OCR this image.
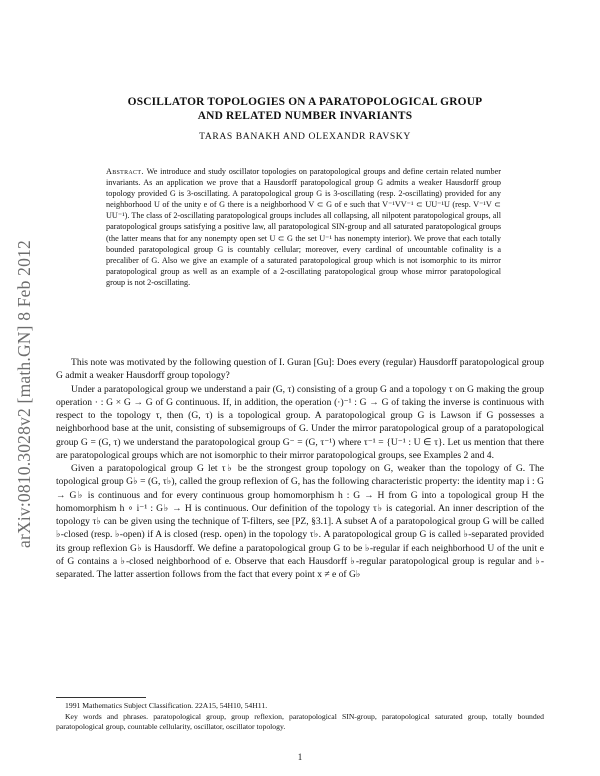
arXiv:0810.3028v2 [math.GN] 8 Feb 2012
OSCILLATOR TOPOLOGIES ON A PARATOPOLOGICAL GROUP
AND RELATED NUMBER INVARIANTS
TARAS BANAKH AND OLEXANDR RAVSKY
Abstract. We introduce and study oscillator topologies on paratopological groups and define certain related number invariants. As an application we prove that a Hausdorff paratopological group G admits a weaker Hausdorff group topology provided G is 3-oscillating. A paratopological group G is 3-oscillating (resp. 2-oscillating) provided for any neighborhood U of the unity e of G there is a neighborhood V ⊂ G of e such that V⁻¹VV⁻¹ ⊂ UU⁻¹U (resp. V⁻¹V ⊂ UU⁻¹). The class of 2-oscillating paratopological groups includes all collapsing, all nilpotent paratopological groups, all paratopological groups satisfying a positive law, all paratopological SIN-group and all saturated paratopological groups (the latter means that for any nonempty open set U ⊂ G the set U⁻¹ has nonempty interior). We prove that each totally bounded paratopological group G is countably cellular; moreover, every cardinal of uncountable cofinality is a precaliber of G. Also we give an example of a saturated paratopological group which is not isomorphic to its mirror paratopological group as well as an example of a 2-oscillating paratopological group whose mirror paratopological group is not 2-oscillating.

This note was motivated by the following question of I. Guran [Gu]: Does every (regular) Hausdorff paratopological group G admit a weaker Hausdorff group topology?

Under a paratopological group we understand a pair (G, τ) consisting of a group G and a topology τ on G making the group operation · : G × G → G of G continuous. If, in addition, the operation (·)⁻¹ : G → G of taking the inverse is continuous with respect to the topology τ, then (G, τ) is a topological group. A paratopological group G is Lawson if G possesses a neighborhood base at the unit, consisting of subsemigroups of G. Under the mirror paratopological group of a paratopological group G = (G, τ) we understand the paratopological group G⁻ = (G, τ⁻¹) where τ⁻¹ = {U⁻¹ : U ∈ τ}. Let us mention that there are paratopological groups which are not isomorphic to their mirror paratopological groups, see Examples 2 and 4.

Given a paratopological group G let τ♭ be the strongest group topology on G, weaker than the topology of G. The topological group G♭ = (G, τ♭), called the group reflexion of G, has the following characteristic property: the identity map i : G → G♭ is continuous and for every continuous group homomorphism h : G → H from G into a topological group H the homomorphism h ∘ i⁻¹ : G♭ → H is continuous. Our definition of the topology τ♭ is categorial. An inner description of the topology τ♭ can be given using the technique of T-filters, see [PZ, §3.1]. A subset A of a paratopological group G will be called ♭-closed (resp. ♭-open) if A is closed (resp. open) in the topology τ♭. A paratopological group G is called ♭-separated provided its group reflexion G♭ is Hausdorff. We define a paratopological group G to be ♭-regular if each neighborhood U of the unit e of G contains a ♭-closed neighborhood of e. Observe that each Hausdorff ♭-regular paratopological group is regular and ♭-separated. The latter assertion follows from the fact that every point x ≠ e of G♭

1991 Mathematics Subject Classification. 22A15, 54H10, 54H11.

Key words and phrases. paratopological group, group reflexion, paratopological SIN-group, paratopological saturated group, totally bounded paratopological group, countable cellularity, oscillator, oscillator topology.

1
